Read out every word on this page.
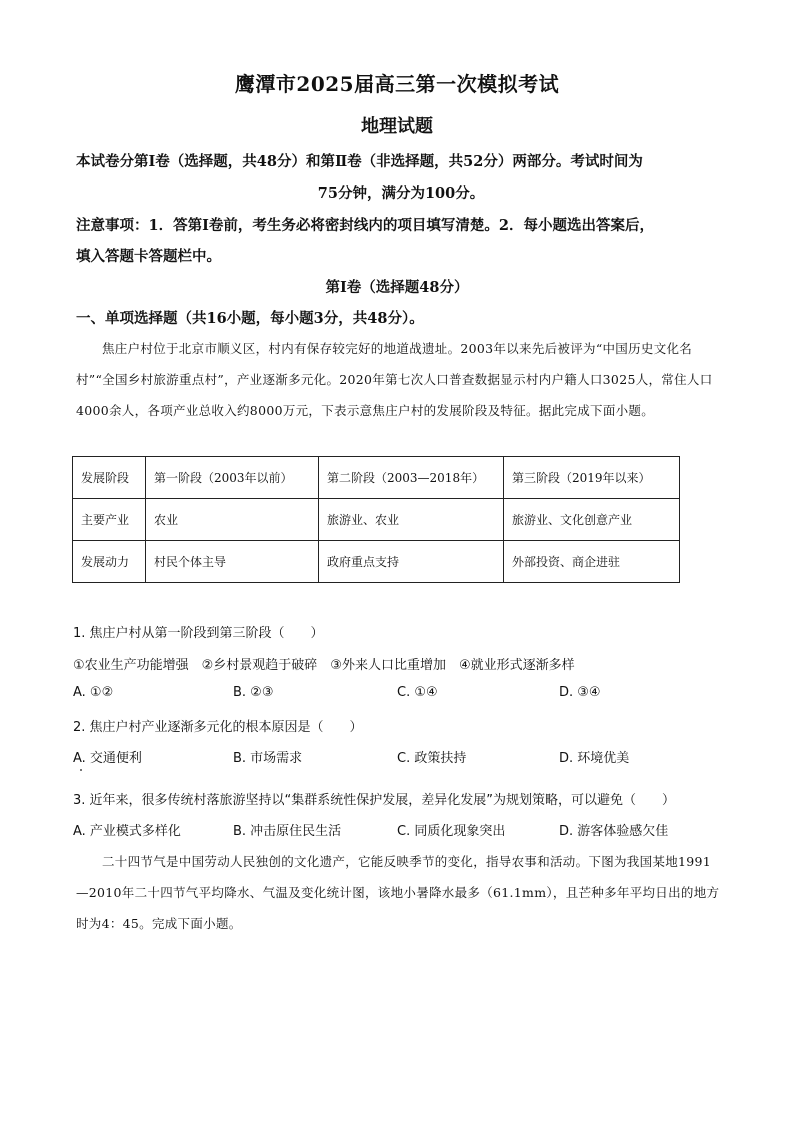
鹰潭市2025届高三第一次模拟考试
地理试题
本试卷分第Ⅰ卷（选择题，共48分）和第Ⅱ卷（非选择题，共52分）两部分。考试时间为
75分钟，满分为100分。
注意事项：1．答第Ⅰ卷前，考生务必将密封线内的项目填写清楚。2．每小题选出答案后，
填入答题卡答题栏中。
第Ⅰ卷（选择题48分）
一、单项选择题（共16小题，每小题3分，共48分）。
焦庄户村位于北京市顺义区，村内有保存较完好的地道战遗址。2003年以来先后被评为“中国历史文化名村”“全国乡村旅游重点村”，产业逐渐多元化。2020年第七次人口普查数据显示村内户籍人口3025人，常住人口4000余人，各项产业总收入约8000万元，下表示意焦庄户村的发展阶段及特征。据此完成下面小题。
发展阶段	第一阶段（2003年以前）	第二阶段（2003—2018年）	第三阶段（2019年以来）
主要产业	农业	旅游业、农业	旅游业、文化创意产业
发展动力	村民个体主导	政府重点支持	外部投资、商企进驻
1. 焦庄户村从第一阶段到第三阶段（　　）
①农业生产功能增强　②乡村景观趋于破碎　③外来人口比重增加　④就业形式逐渐多样
A. ①②	B. ②③	C. ①④	D. ③④
2. 焦庄户村产业逐渐多元化的根本原因是（　　）
A. 交通便利	B. 市场需求	C. 政策扶持	D. 环境优美
3. 近年来，很多传统村落旅游坚持以“集群系统性保护发展，差异化发展”为规划策略，可以避免（　　）
A. 产业模式多样化	B. 冲击原住民生活	C. 同质化现象突出	D. 游客体验感欠佳
二十四节气是中国劳动人民独创的文化遗产，它能反映季节的变化，指导农事和活动。下图为我国某地1991—2010年二十四节气平均降水、气温及变化统计图，该地小暑降水最多（61.1mm），且芒种多年平均日出的地方时为4：45。完成下面小题。
